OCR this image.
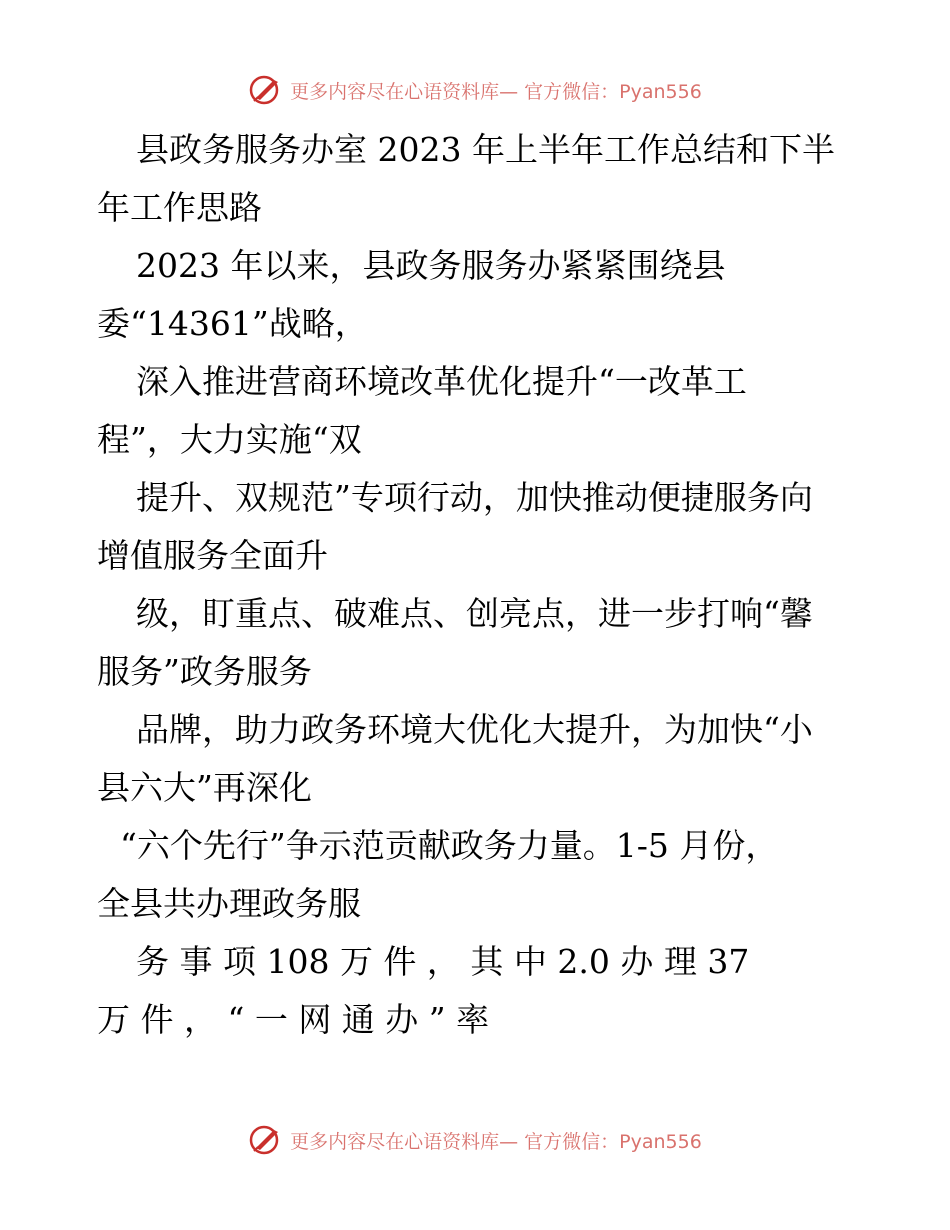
更多内容尽在心语资料库— 官方微信：Pyan556
县政务服务办室 2023 年上半年工作总结和下半
年工作思路
2023 年以来，县政务服务办紧紧围绕县
委“14361”战略，
深入推进营商环境改革优化提升“一改革工
程”，大力实施“双
提升、双规范”专项行动，加快推动便捷服务向
增值服务全面升
级，盯重点、破难点、创亮点，进一步打响“馨
服务”政务服务
品牌，助力政务环境大优化大提升，为加快“小
县六大”再深化
“六个先行”争示范贡献政务力量。1-5 月份，
全县共办理政务服
务 事 项 108 万 件 ， 其 中 2.0 办 理 37
万 件 ， “ 一 网 通 办 ” 率
更多内容尽在心语资料库— 官方微信：Pyan556
